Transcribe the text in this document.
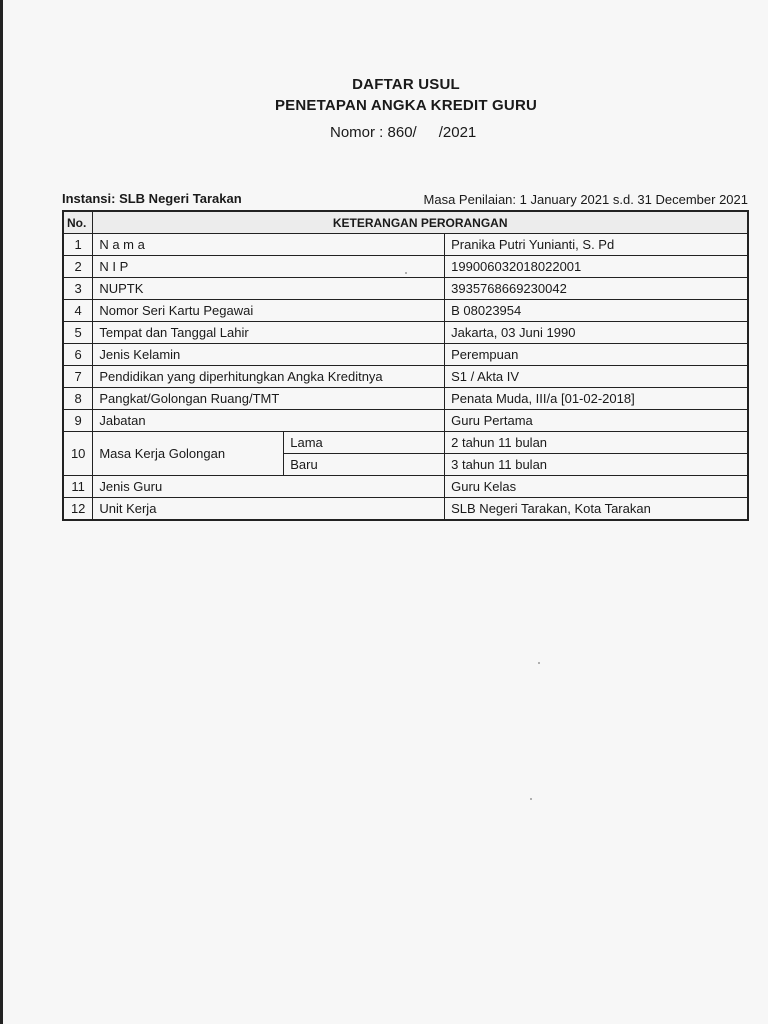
DAFTAR USUL
PENETAPAN ANGKA KREDIT GURU
Nomor : 860/ /2021
Instansi: SLB Negeri Tarakan	Masa Penilaian: 1 January 2021 s.d. 31 December 2021
No.	KETERANGAN PERORANGAN		
1	N a m a		Pranika Putri Yunianti, S. Pd
2	N I P		199006032018022001
3	NUPTK		3935768669230042
4	Nomor Seri Kartu Pegawai		B 08023954
5	Tempat dan Tanggal Lahir		Jakarta, 03 Juni 1990
6	Jenis Kelamin		Perempuan
7	Pendidikan yang diperhitungkan Angka Kreditnya		S1 / Akta IV
8	Pangkat/Golongan Ruang/TMT		Penata Muda, III/a [01-02-2018]
9	Jabatan		Guru Pertama
10	Masa Kerja Golongan	Lama	2 tahun 11 bulan
		Baru	3 tahun 11 bulan
11	Jenis Guru		Guru Kelas
12	Unit Kerja		SLB Negeri Tarakan, Kota Tarakan
